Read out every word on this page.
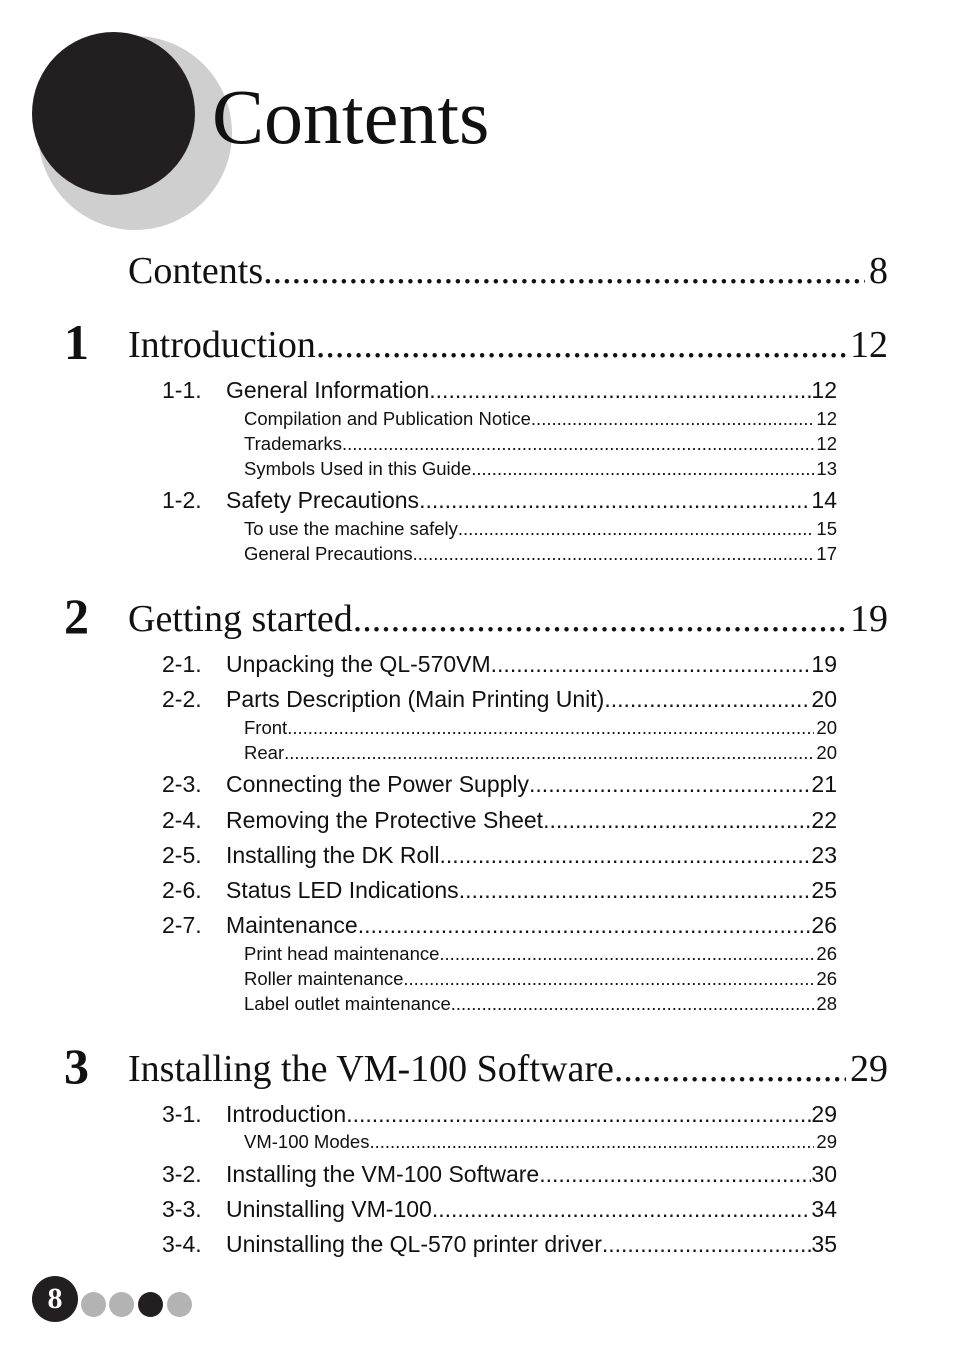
Contents
Contents .....	8
1 Introduction .....	12
1-1.	General Information .....	12
Compilation and Publication Notice .....	12
Trademarks .....	12
Symbols Used in this Guide .....	13
1-2.	Safety Precautions .....	14
To use the machine safely .....	15
General Precautions .....	17
2 Getting started .....	19
2-1.	Unpacking the QL-570VM .....	19
2-2.	Parts Description (Main Printing Unit) .....	20
Front .....	20
Rear .....	20
2-3.	Connecting the Power Supply .....	21
2-4.	Removing the Protective Sheet .....	22
2-5.	Installing the DK Roll .....	23
2-6.	Status LED Indications .....	25
2-7.	Maintenance .....	26
Print head maintenance .....	26
Roller maintenance .....	26
Label outlet maintenance .....	28
3 Installing the VM-100 Software .....	29
3-1.	Introduction .....	29
VM-100 Modes .....	29
3-2.	Installing the VM-100 Software .....	30
3-3.	Uninstalling VM-100 .....	34
3-4.	Uninstalling the QL-570 printer driver .....	35
8
